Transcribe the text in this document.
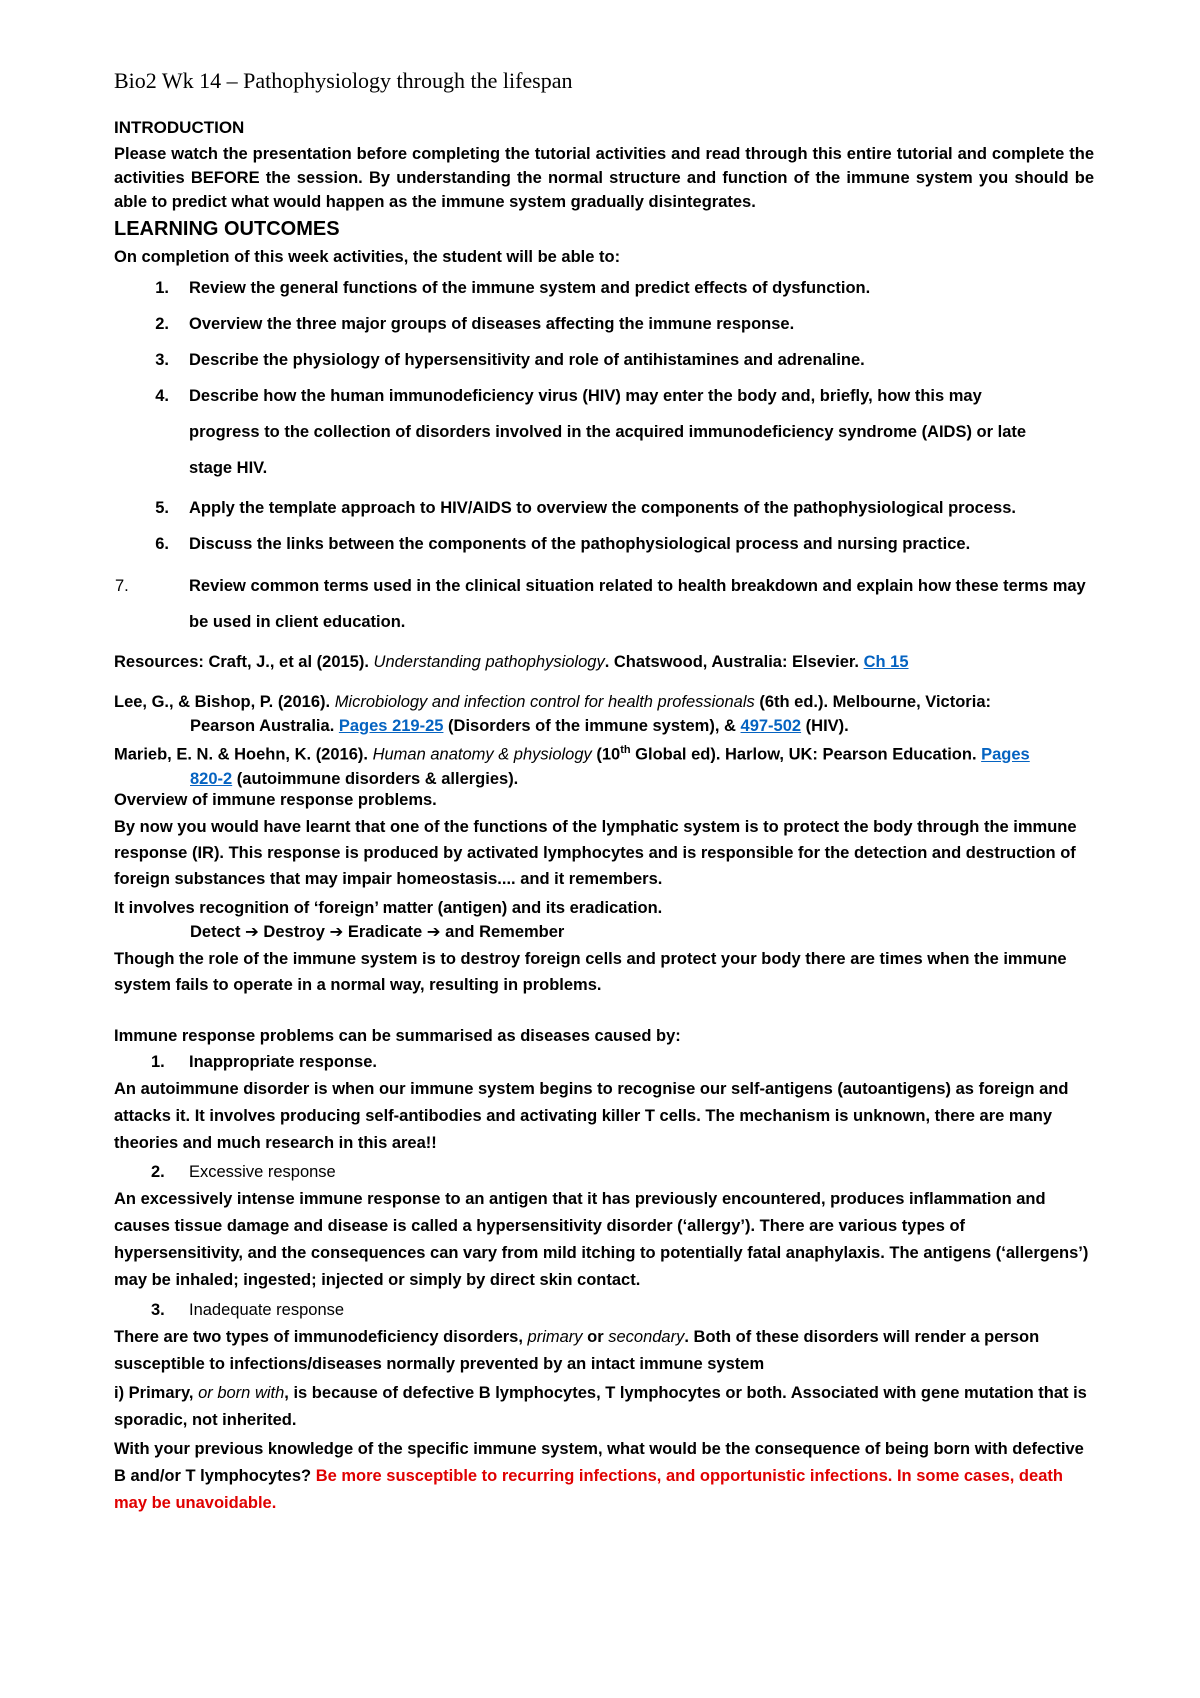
Bio2 Wk 14 – Pathophysiology through the lifespan
INTRODUCTION
Please watch the presentation before completing the tutorial activities and read through this entire tutorial and complete the activities BEFORE the session. By understanding the normal structure and function of the immune system you should be able to predict what would happen as the immune system gradually disintegrates.
LEARNING OUTCOMES
On completion of this week activities, the student will be able to:
1. Review the general functions of the immune system and predict effects of dysfunction.
2. Overview the three major groups of diseases affecting the immune response.
3. Describe the physiology of hypersensitivity and role of antihistamines and adrenaline.
4. Describe how the human immunodeficiency virus (HIV) may enter the body and, briefly, how this may progress to the collection of disorders involved in the acquired immunodeficiency syndrome (AIDS) or late stage HIV.
5. Apply the template approach to HIV/AIDS to overview the components of the pathophysiological process.
6. Discuss the links between the components of the pathophysiological process and nursing practice.
7.	Review common terms used in the clinical situation related to health breakdown and explain how these terms may be used in client education.
Resources: Craft, J., et al (2015). Understanding pathophysiology. Chatswood, Australia: Elsevier. Ch 15
Lee, G., & Bishop, P. (2016). Microbiology and infection control for health professionals (6th ed.). Melbourne, Victoria:
Pearson Australia. Pages 219-25 (Disorders of the immune system), & 497-502 (HIV).
Marieb, E. N. & Hoehn, K. (2016). Human anatomy & physiology (10th Global ed). Harlow, UK: Pearson Education. Pages
820-2 (autoimmune disorders & allergies).
Overview of immune response problems.
By now you would have learnt that one of the functions of the lymphatic system is to protect the body through the immune response (IR). This response is produced by activated lymphocytes and is responsible for the detection and destruction of foreign substances that may impair homeostasis.... and it remembers.
It involves recognition of ‘foreign’ matter (antigen) and its eradication.
Detect ➔ Destroy ➔ Eradicate ➔ and Remember
Though the role of the immune system is to destroy foreign cells and protect your body there are times when the immune system fails to operate in a normal way, resulting in problems.
Immune response problems can be summarised as diseases caused by:
1. Inappropriate response.
An autoimmune disorder is when our immune system begins to recognise our self-antigens (autoantigens) as foreign and attacks it. It involves producing self-antibodies and activating killer T cells. The mechanism is unknown, there are many theories and much research in this area!!
2. Excessive response
An excessively intense immune response to an antigen that it has previously encountered, produces inflammation and causes tissue damage and disease is called a hypersensitivity disorder (‘allergy’). There are various types of hypersensitivity, and the consequences can vary from mild itching to potentially fatal anaphylaxis. The antigens (‘allergens’) may be inhaled; ingested; injected or simply by direct skin contact.
3. Inadequate response
There are two types of immunodeficiency disorders, primary or secondary. Both of these disorders will render a person susceptible to infections/diseases normally prevented by an intact immune system
i) Primary, or born with, is because of defective B lymphocytes, T lymphocytes or both. Associated with gene mutation that is sporadic, not inherited.
With your previous knowledge of the specific immune system, what would be the consequence of being born with defective B and/or T lymphocytes? Be more susceptible to recurring infections, and opportunistic infections. In some cases, death may be unavoidable.
